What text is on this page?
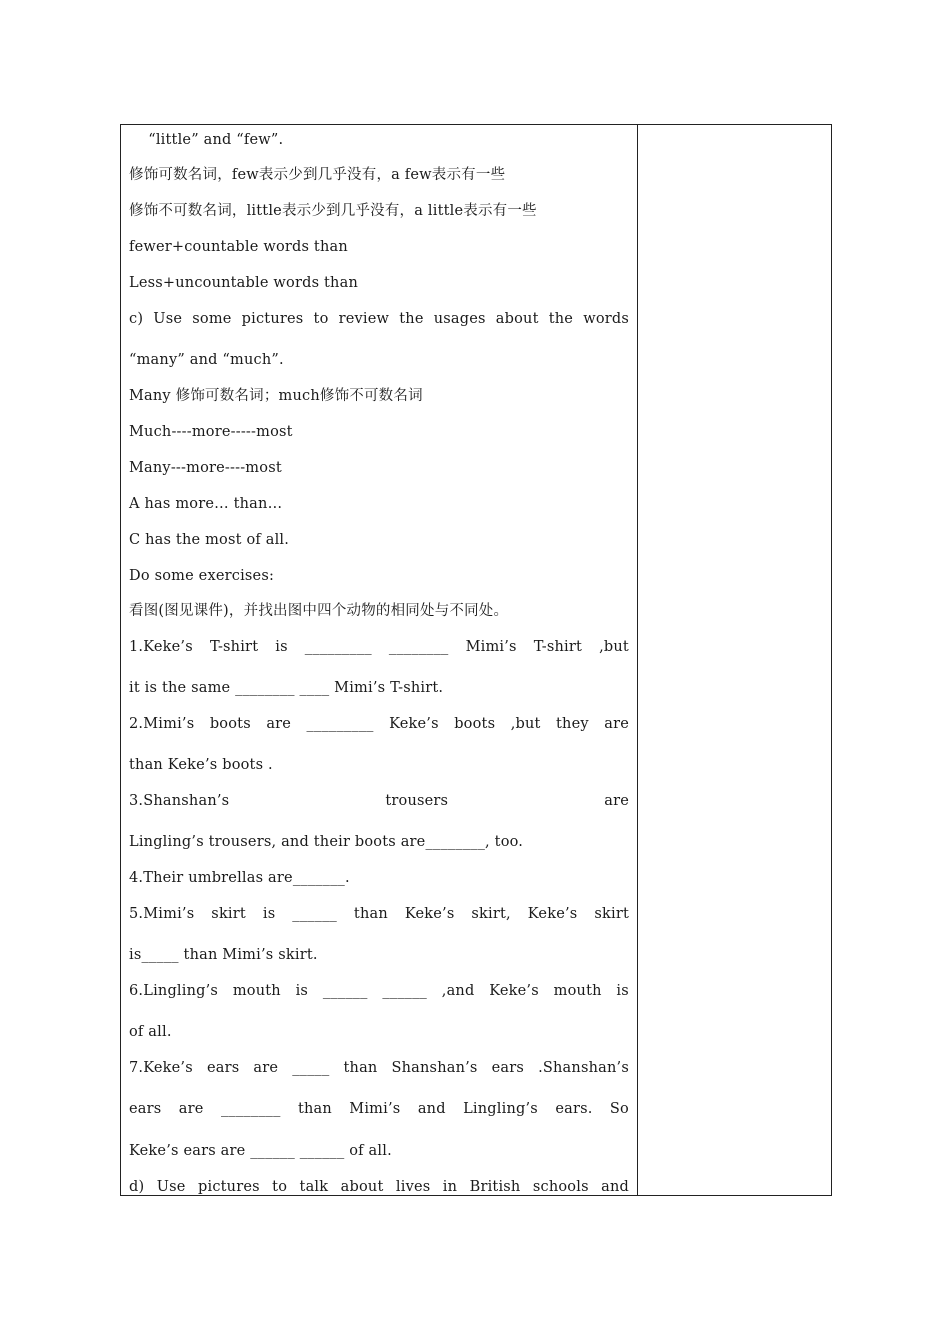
“little” and “few”.
修饰可数名词，few表示少到几乎没有，a few表示有一些
修饰不可数名词，little表示少到几乎没有，a little表示有一些
fewer+countable words than
Less+uncountable words than
c) Use some pictures to review the usages about the words
“many” and “much”.
Many 修饰可数名词；much修饰不可数名词
Much----more-----most
Many---more----most
A has more… than…
C has the most of all.
Do some exercises:
看图(图见课件)，并找出图中四个动物的相同处与不同处。
1.Keke’s T-shirt is _________ ________ Mimi’s T-shirt ,but
it is the same ________ ____ Mimi’s T-shirt.
2.Mimi’s boots are _________ Keke’s boots ,but they are
than Keke’s boots .
3.Shanshan’s	trousers	are
Lingling’s trousers, and their boots are________, too.
4.Their umbrellas are_______.
5.Mimi’s skirt is ______ than Keke’s skirt, Keke’s skirt
is_____ than Mimi’s skirt.
6.Lingling’s mouth is ______ ______ ,and Keke’s mouth is
of all.
7.Keke’s ears are _____ than Shanshan’s ears .Shanshan’s
ears are ________ than Mimi’s and Lingling’s ears. So
Keke’s ears are ______ ______ of all.
d) Use pictures to talk about lives in British schools and
